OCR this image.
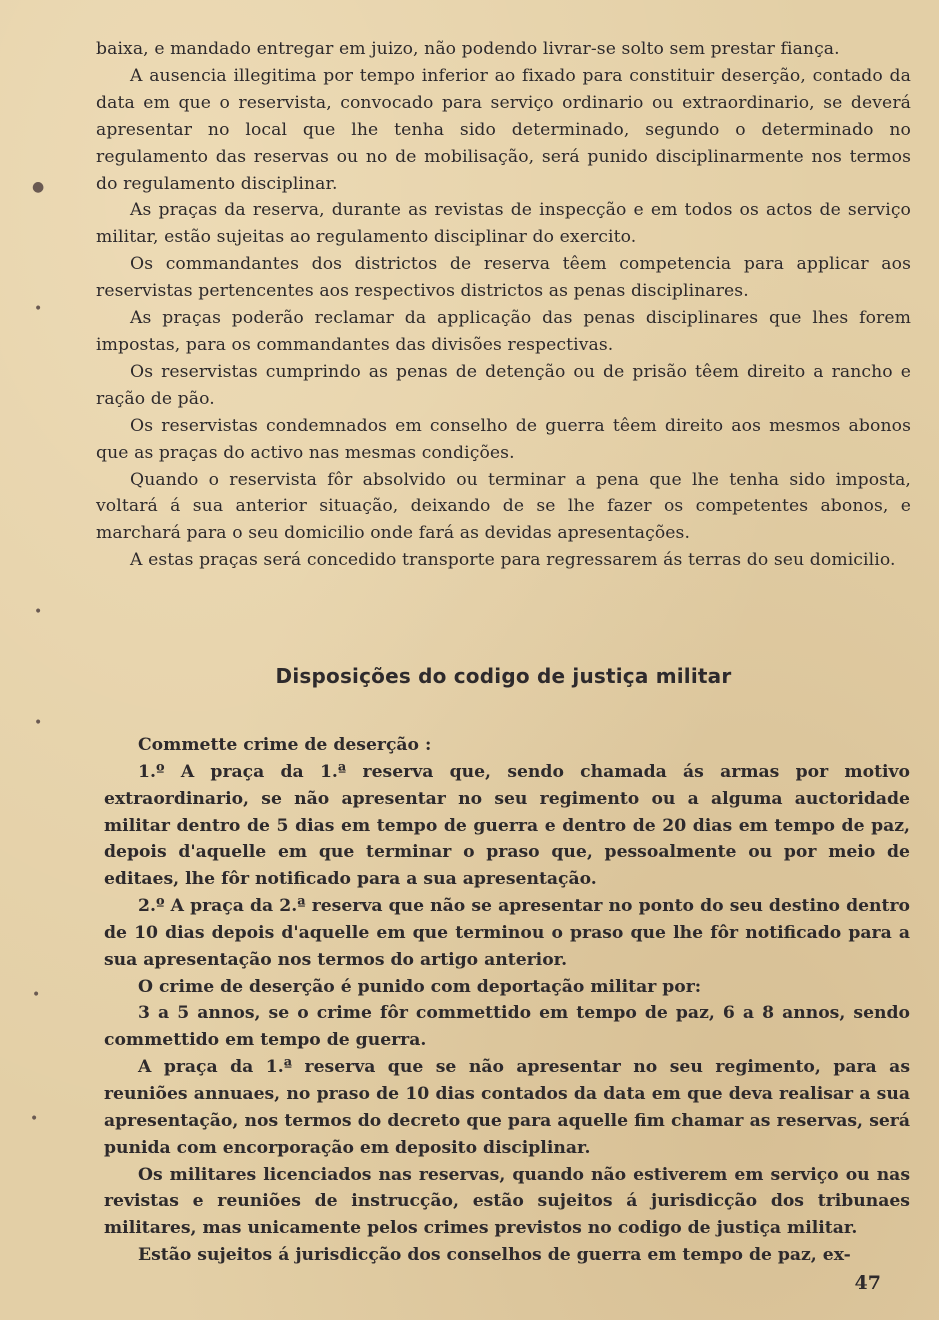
baixa, e mandado entregar em juizo, não podendo livrar-se solto sem prestar fiança.

A ausencia illegitima por tempo inferior ao fixado para constituir deserção, contado da data em que o reservista, convocado para serviço ordinario ou extraordinario, se deverá apresentar no local que lhe tenha sido determinado, segundo o determinado no regulamento das reservas ou no de mobilisação, será punido disciplinarmente nos termos do regulamento disciplinar.

As praças da reserva, durante as revistas de inspecção e em todos os actos de serviço militar, estão sujeitas ao regulamento disciplinar do exercito.

Os commandantes dos districtos de reserva têem competencia para applicar aos reservistas pertencentes aos respectivos districtos as penas disciplinares.

As praças poderão reclamar da applicação das penas disciplinares que lhes forem impostas, para os commandantes das divisões respectivas.

Os reservistas cumprindo as penas de detenção ou de prisão têem direito a rancho e ração de pão.

Os reservistas condemnados em conselho de guerra têem direito aos mesmos abonos que as praças do activo nas mesmas condições.

Quando o reservista fôr absolvido ou terminar a pena que lhe tenha sido imposta, voltará á sua anterior situação, deixando de se lhe fazer os competentes abonos, e marchará para o seu domicilio onde fará as devidas apresentações.

A estas praças será concedido transporte para regressarem ás terras do seu domicilio.

Disposições do codigo de justiça militar

Commette crime de deserção :

1.º A praça da 1.ª reserva que, sendo chamada ás armas por motivo extraordinario, se não apresentar no seu regimento ou a alguma auctoridade militar dentro de 5 dias em tempo de guerra e dentro de 20 dias em tempo de paz, depois d'aquelle em que terminar o praso que, pessoalmente ou por meio de editaes, lhe fôr notificado para a sua apresentação.

2.º A praça da 2.ª reserva que não se apresentar no ponto do seu destino dentro de 10 dias depois d'aquelle em que terminou o praso que lhe fôr notificado para a sua apresentação nos termos do artigo anterior.

O crime de deserção é punido com deportação militar por:

3 a 5 annos, se o crime fôr commettido em tempo de paz, 6 a 8 annos, sendo commettido em tempo de guerra.

A praça da 1.ª reserva que se não apresentar no seu regimento, para as reuniões annuaes, no praso de 10 dias contados da data em que deva realisar a sua apresentação, nos termos do decreto que para aquelle fim chamar as reservas, será punida com encorporação em deposito disciplinar.

Os militares licenciados nas reservas, quando não estiverem em serviço ou nas revistas e reuniões de instrucção, estão sujeitos á jurisdicção dos tribunaes militares, mas unicamente pelos crimes previstos no codigo de justiça militar.

Estão sujeitos á jurisdicção dos conselhos de guerra em tempo de paz, ex-

47
●
•
•
•
•
•
